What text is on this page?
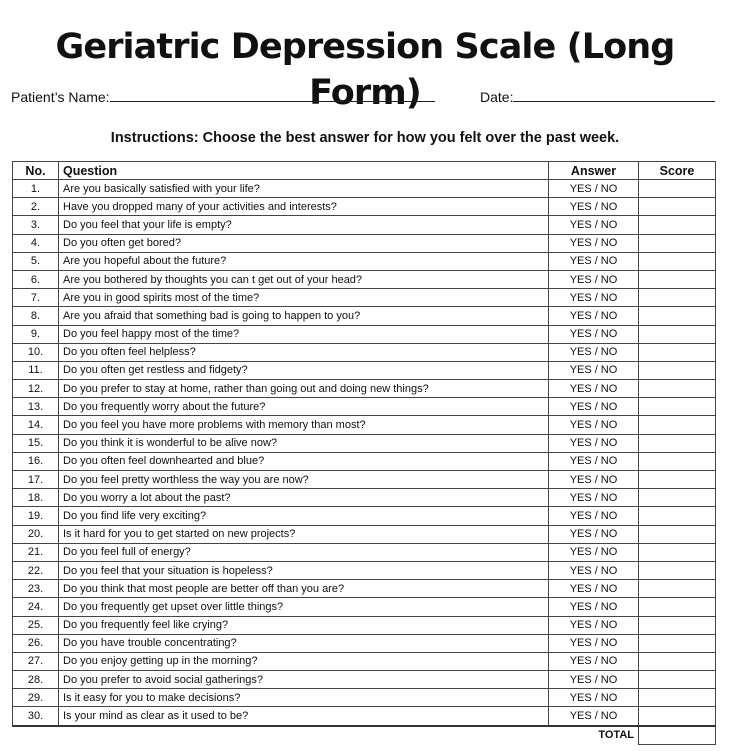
Geriatric Depression Scale (Long Form)
Patient’s Name:	Date:
Instructions: Choose the best answer for how you felt over the past week.
No.	Question	Answer	Score
1.	Are you basically satisfied with your life?	YES / NO	
2.	Have you dropped many of your activities and interests?	YES / NO	
3.	Do you feel that your life is empty?	YES / NO	
4.	Do you often get bored?	YES / NO	
5.	Are you hopeful about the future?	YES / NO	
6.	Are you bothered by thoughts you can t get out of your head?	YES / NO	
7.	Are you in good spirits most of the time?	YES / NO	
8.	Are you afraid that something bad is going to happen to you?	YES / NO	
9.	Do you feel happy most of the time?	YES / NO	
10.	Do you often feel helpless?	YES / NO	
11.	Do you often get restless and fidgety?	YES / NO	
12.	Do you prefer to stay at home, rather than going out and doing new things?	YES / NO	
13.	Do you frequently worry about the future?	YES / NO	
14.	Do you feel you have more problems with memory than most?	YES / NO	
15.	Do you think it is wonderful to be alive now?	YES / NO	
16.	Do you often feel downhearted and blue?	YES / NO	
17.	Do you feel pretty worthless the way you are now?	YES / NO	
18.	Do you worry a lot about the past?	YES / NO	
19.	Do you find life very exciting?	YES / NO	
20.	Is it hard for you to get started on new projects?	YES / NO	
21.	Do you feel full of energy?	YES / NO	
22.	Do you feel that your situation is hopeless?	YES / NO	
23.	Do you think that most people are better off than you are?	YES / NO	
24.	Do you frequently get upset over little things?	YES / NO	
25.	Do you frequently feel like crying?	YES / NO	
26.	Do you have trouble concentrating?	YES / NO	
27.	Do you enjoy getting up in the morning?	YES / NO	
28.	Do you prefer to avoid social gatherings?	YES / NO	
29.	Is it easy for you to make decisions?	YES / NO	
30.	Is your mind as clear as it used to be?	YES / NO	
		TOTAL	
